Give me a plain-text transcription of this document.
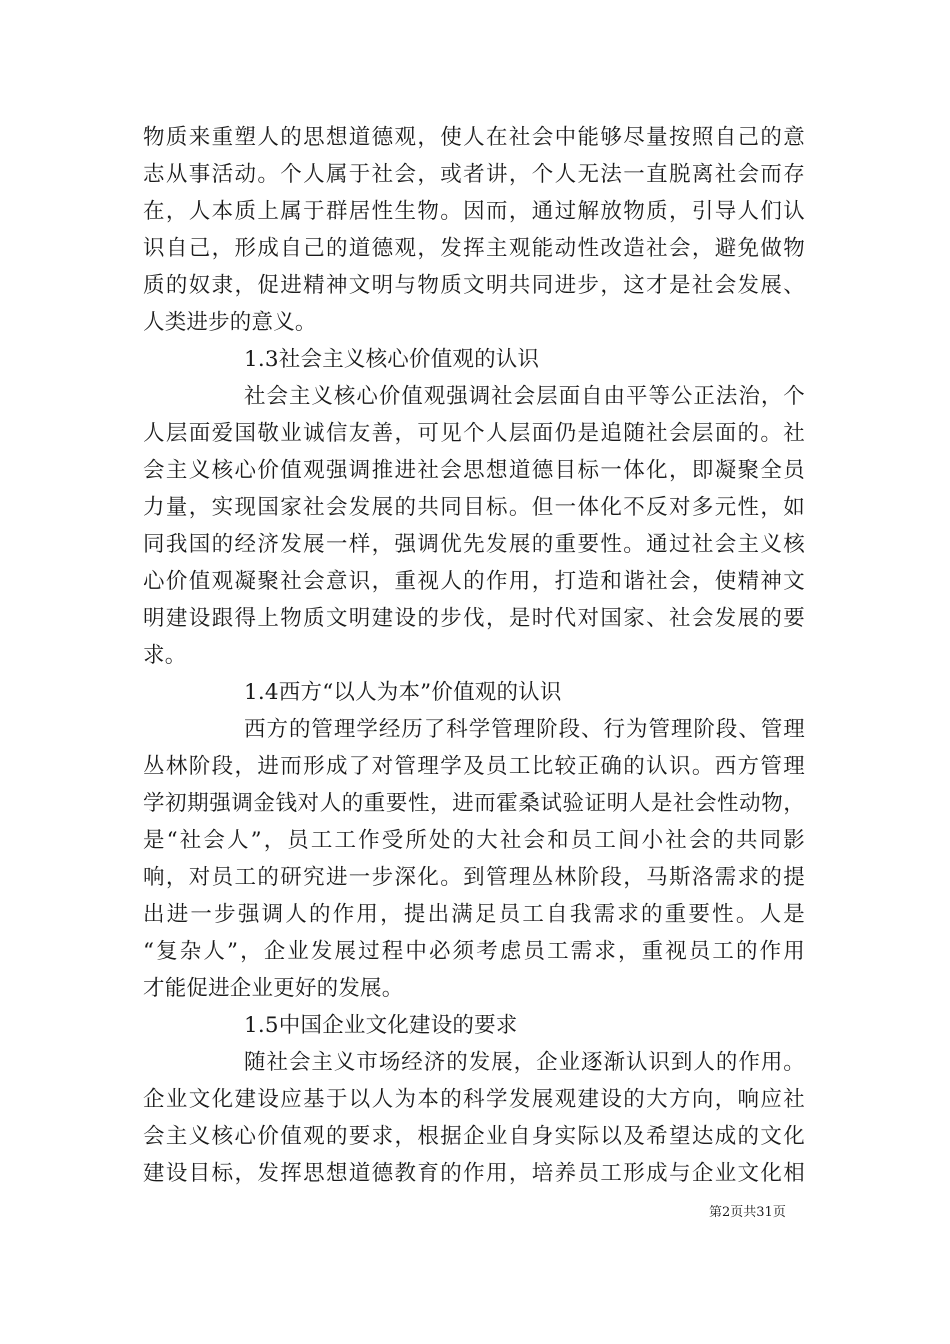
物质来重塑人的思想道德观，使人在社会中能够尽量按照自己的意
志从事活动。个人属于社会，或者讲，个人无法一直脱离社会而存
在，人本质上属于群居性生物。因而，通过解放物质，引导人们认
识自己，形成自己的道德观，发挥主观能动性改造社会，避免做物
质的奴隶，促进精神文明与物质文明共同进步，这才是社会发展、
人类进步的意义。
1.3社会主义核心价值观的认识
社会主义核心价值观强调社会层面自由平等公正法治，个
人层面爱国敬业诚信友善，可见个人层面仍是追随社会层面的。社
会主义核心价值观强调推进社会思想道德目标一体化，即凝聚全员
力量，实现国家社会发展的共同目标。但一体化不反对多元性，如
同我国的经济发展一样，强调优先发展的重要性。通过社会主义核
心价值观凝聚社会意识，重视人的作用，打造和谐社会，使精神文
明建设跟得上物质文明建设的步伐，是时代对国家、社会发展的要
求。
1.4西方“以人为本”价值观的认识
西方的管理学经历了科学管理阶段、行为管理阶段、管理
丛林阶段，进而形成了对管理学及员工比较正确的认识。西方管理
学初期强调金钱对人的重要性，进而霍桑试验证明人是社会性动物，
是“社会人”，员工工作受所处的大社会和员工间小社会的共同影
响，对员工的研究进一步深化。到管理丛林阶段，马斯洛需求的提
出进一步强调人的作用，提出满足员工自我需求的重要性。人是
“复杂人”，企业发展过程中必须考虑员工需求，重视员工的作用
才能促进企业更好的发展。
1.5中国企业文化建设的要求
随社会主义市场经济的发展，企业逐渐认识到人的作用。
企业文化建设应基于以人为本的科学发展观建设的大方向，响应社
会主义核心价值观的要求，根据企业自身实际以及希望达成的文化
建设目标，发挥思想道德教育的作用，培养员工形成与企业文化相
第2页共31页
